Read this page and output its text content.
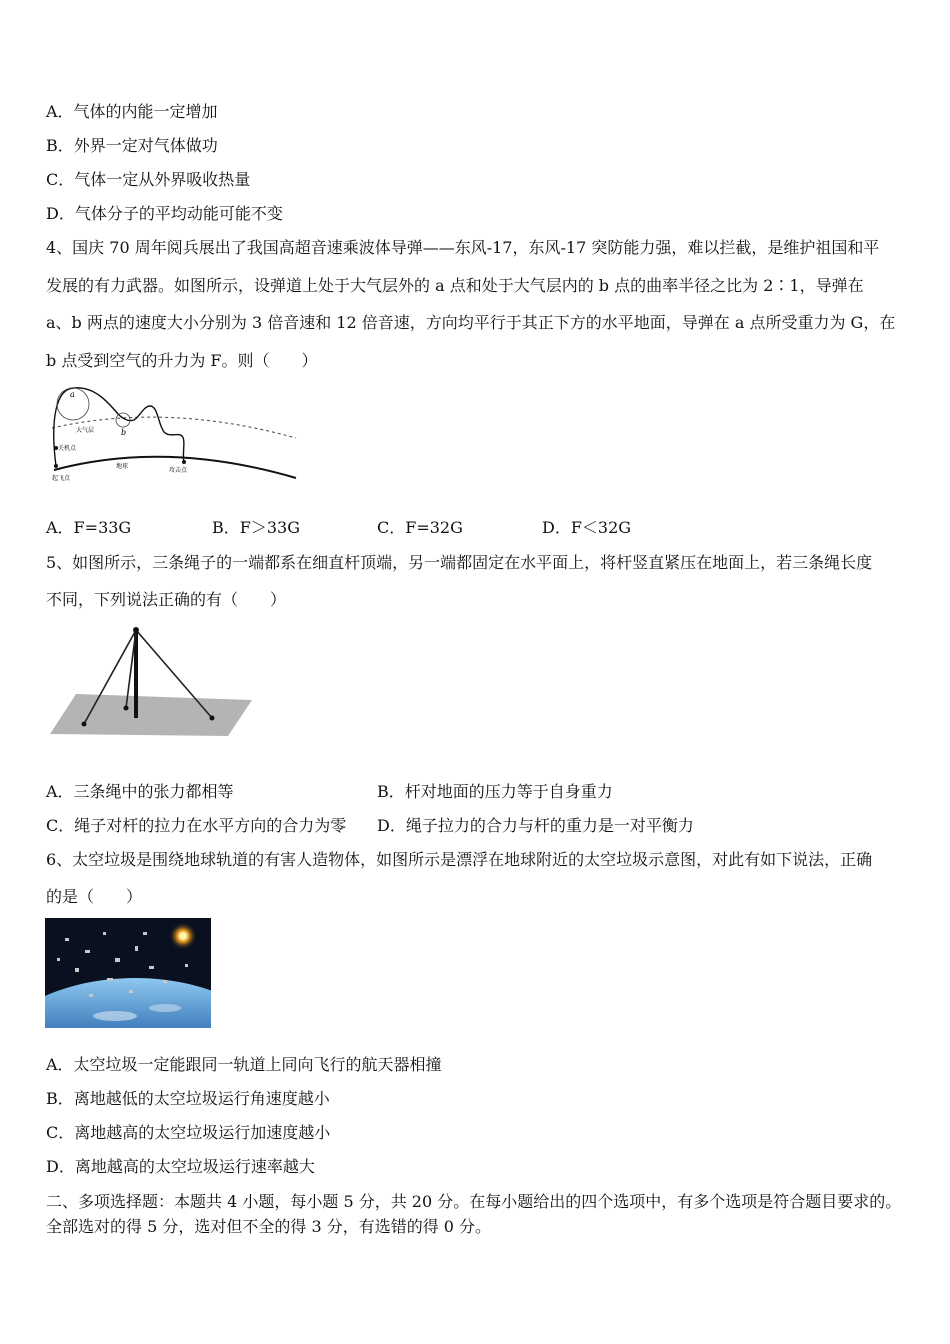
A．气体的内能一定增加
B．外界一定对气体做功
C．气体一定从外界吸收热量
D．气体分子的平均动能可能不变
4、国庆 70 周年阅兵展出了我国高超音速乘波体导弹——东风-17，东风-17 突防能力强，难以拦截，是维护祖国和平
发展的有力武器。如图所示，设弹道上处于大气层外的 a 点和处于大气层内的 b 点的曲率半径之比为 2∶1，导弹在
a、b 两点的速度大小分别为 3 倍音速和 12 倍音速，方向均平行于其正下方的水平地面，导弹在 a 点所受重力为 G，在
b 点受到空气的升力为 F。则（　　）
a
b
大气层
关机点
起飞点
地球
攻击点
A．F=33G	B．F＞33G	C．F=32G	D．F＜32G
5、如图所示，三条绳子的一端都系在细直杆顶端，另一端都固定在水平面上，将杆竖直紧压在地面上，若三条绳长度
不同，下列说法正确的有（　　）
A．三条绳中的张力都相等	B．杆对地面的压力等于自身重力
C．绳子对杆的拉力在水平方向的合力为零 D．绳子拉力的合力与杆的重力是一对平衡力
6、太空垃圾是围绕地球轨道的有害人造物体，如图所示是漂浮在地球附近的太空垃圾示意图，对此有如下说法，正确
的是（　　）
A．太空垃圾一定能跟同一轨道上同向飞行的航天器相撞
B．离地越低的太空垃圾运行角速度越小
C．离地越高的太空垃圾运行加速度越小
D．离地越高的太空垃圾运行速率越大
二、多项选择题：本题共 4 小题，每小题 5 分，共 20 分。在每小题给出的四个选项中，有多个选项是符合题目要求的。
全部选对的得 5 分，选对但不全的得 3 分，有选错的得 0 分。
